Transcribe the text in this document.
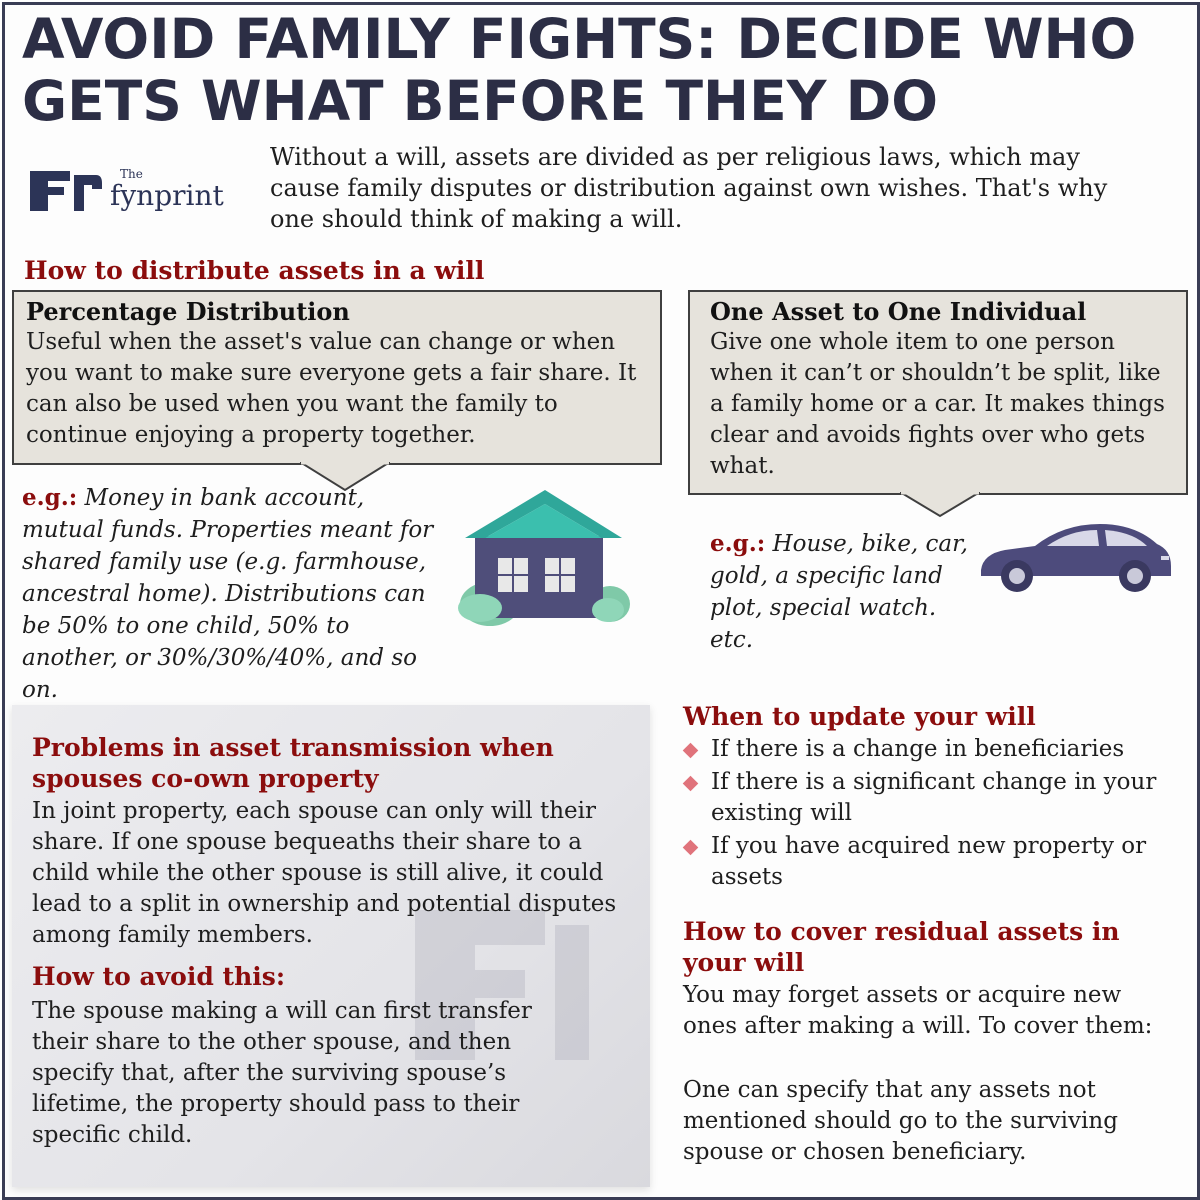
AVOID FAMILY FIGHTS: DECIDE WHO GETS WHAT BEFORE THEY DO
The
fynprint
Without a will, assets are divided as per religious laws, which may cause family disputes or distribution against own wishes. That's why one should think of making a will.
How to distribute assets in a will
Percentage Distribution
Useful when the asset's value can change or when you want to make sure everyone gets a fair share. It can also be used when you want the family to continue enjoying a property together.
e.g.: Money in bank account, mutual funds. Properties meant for shared family use (e.g. farmhouse, ancestral home). Distributions can be 50% to one child, 50% to another, or 30%/30%/40%, and so on.
One Asset to One Individual
Give one whole item to one person when it can’t or shouldn’t be split, like a family home or a car. It makes things clear and avoids fights over who gets what.
e.g.: House, bike, car, gold, a specific land plot, special watch. etc.
Problems in asset transmission when spouses co-own property
In joint property, each spouse can only will their share. If one spouse bequeaths their share to a child while the other spouse is still alive, it could lead to a split in ownership and potential disputes among family members.
How to avoid this:
The spouse making a will can first transfer their share to the other spouse, and then specify that, after the surviving spouse’s lifetime, the property should pass to their specific child.
When to update your will
If there is a change in beneficiaries
If there is a significant change in your existing will
If you have acquired new property or assets
How to cover residual assets in your will
You may forget assets or acquire new ones after making a will. To cover them:
One can specify that any assets not mentioned should go to the surviving spouse or chosen beneficiary.
